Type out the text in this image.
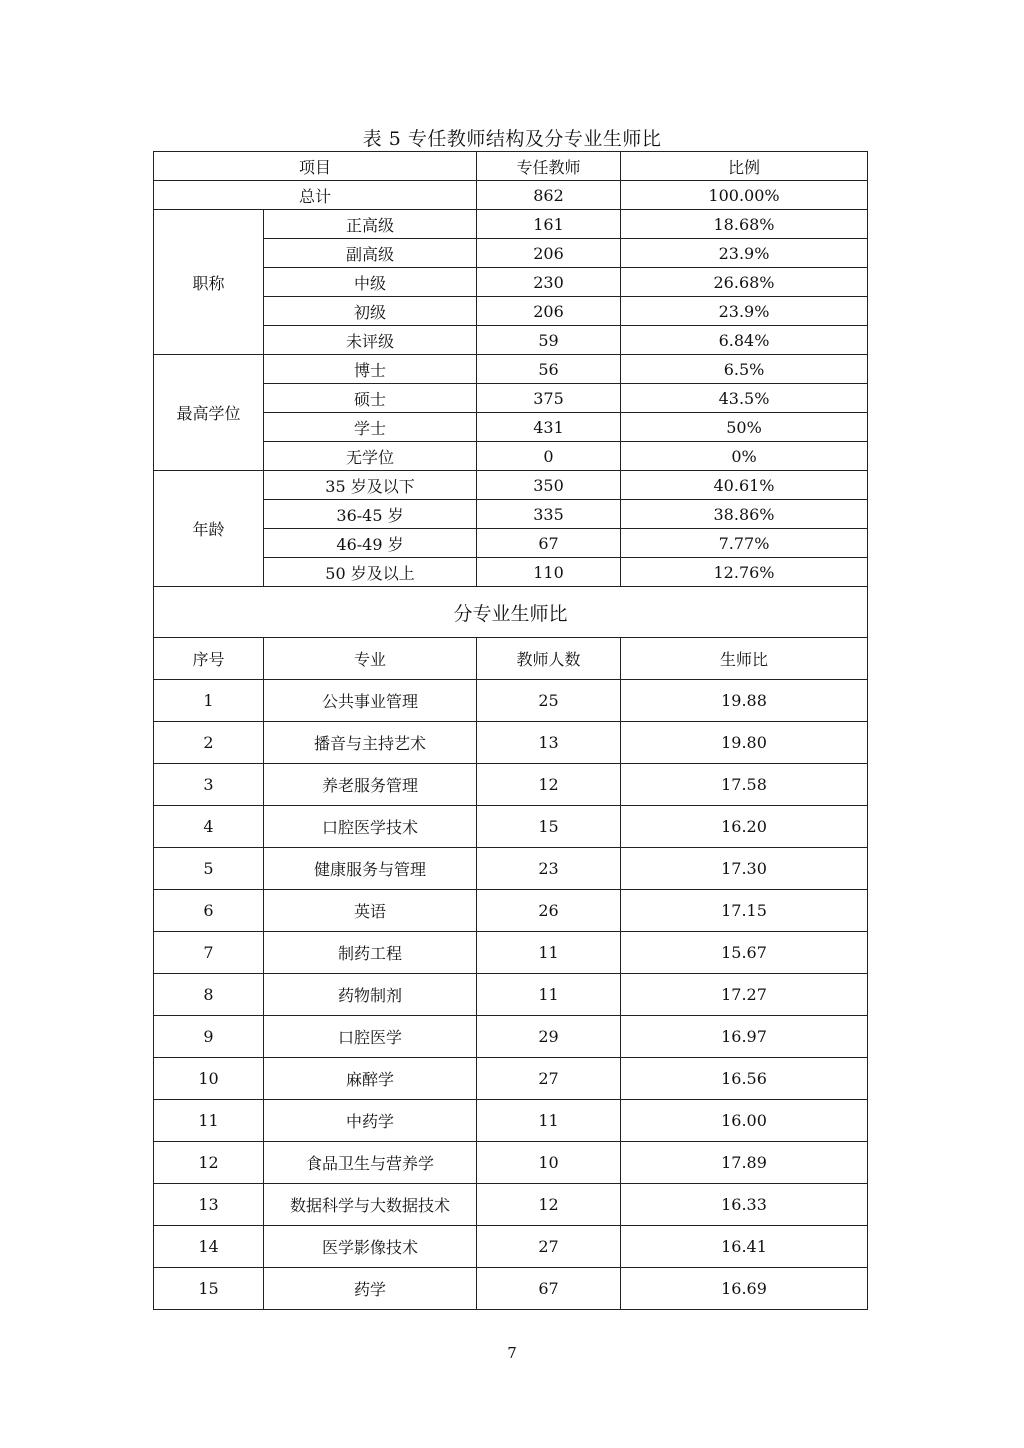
表 5 专任教师结构及分专业生师比
项目		专任教师	比例
总计		862	100.00%
职称	正高级	161	18.68%
	副高级	206	23.9%
	中级	230	26.68%
	初级	206	23.9%
	未评级	59	6.84%
最高学位	博士	56	6.5%
	硕士	375	43.5%
	学士	431	50%
	无学位	0	0%
年龄	35 岁及以下	350	40.61%
	36-45 岁	335	38.86%
	46-49 岁	67	7.77%
	50 岁及以上	110	12.76%
分专业生师比			
序号	专业	教师人数	生师比
1	公共事业管理	25	19.88
2	播音与主持艺术	13	19.80
3	养老服务管理	12	17.58
4	口腔医学技术	15	16.20
5	健康服务与管理	23	17.30
6	英语	26	17.15
7	制药工程	11	15.67
8	药物制剂	11	17.27
9	口腔医学	29	16.97
10	麻醉学	27	16.56
11	中药学	11	16.00
12	食品卫生与营养学	10	17.89
13	数据科学与大数据技术	12	16.33
14	医学影像技术	27	16.41
15	药学	67	16.69
7
